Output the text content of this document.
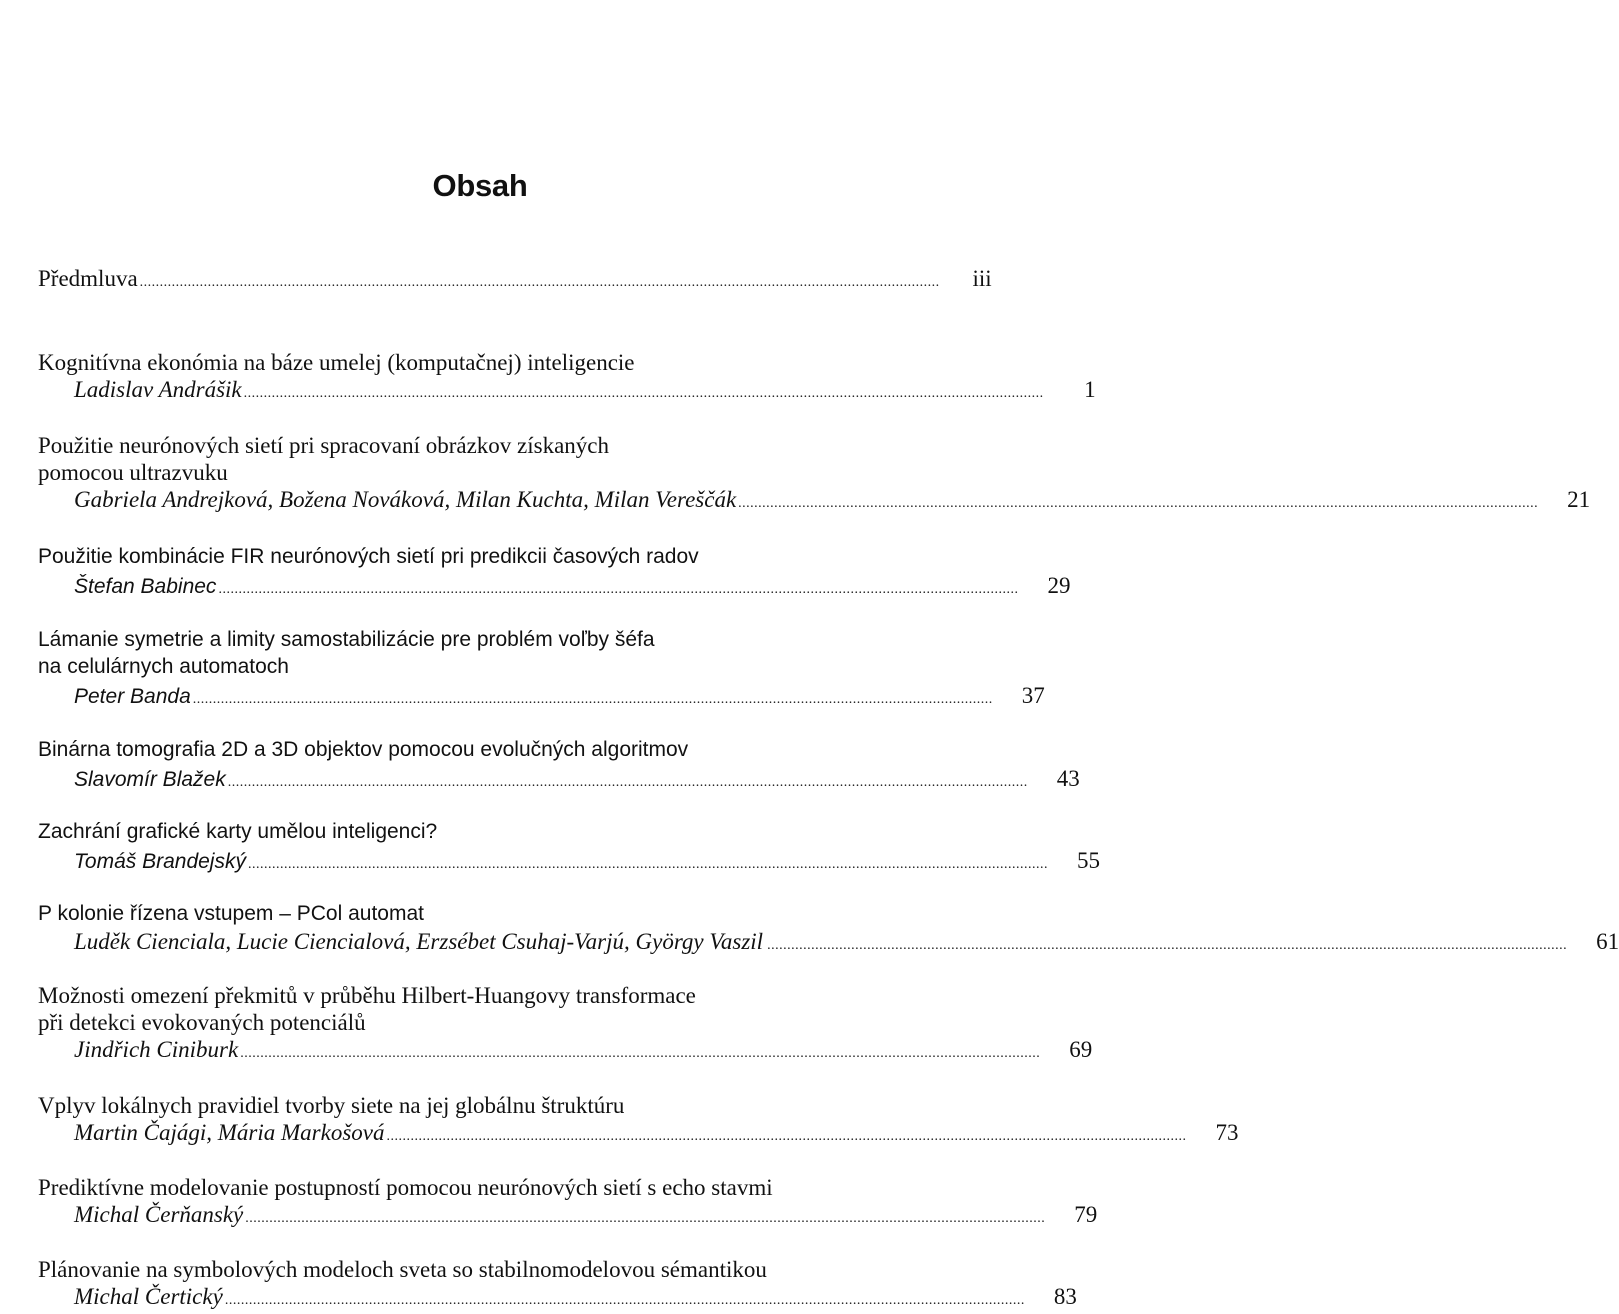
Obsah
Předmluva ........................................................................................................................................................................................................	iii
Kognitívna ekonómia na báze umelej (komputačnej) inteligencie
Ladislav Andrášik ........................................................................................................................................................................................................	1
Použitie neurónových sietí pri spracovaní obrázkov získaných
pomocou ultrazvuku
Gabriela Andrejková, Božena Nováková, Milan Kuchta, Milan Vereščák ........................................................................................................................................................................................................	21
Použitie kombinácie FIR neurónových sietí pri predikcii časových radov
Štefan Babinec ........................................................................................................................................................................................................	29
Lámanie symetrie a limity samostabilizácie pre problém voľby šéfa
na celulárnych automatoch
Peter Banda ........................................................................................................................................................................................................	37
Binárna tomografia 2D a 3D objektov pomocou evolučných algoritmov
Slavomír Blažek ........................................................................................................................................................................................................	43
Zachrání grafické karty umělou inteligenci?
Tomáš Brandejský ........................................................................................................................................................................................................	55
P kolonie řízena vstupem – PCol automat
Luděk Cienciala, Lucie Ciencialová, Erzsébet Csuhaj-Varjú, György Vaszil ........................................................................................................................................................................................................	61
Možnosti omezení překmitů v průběhu Hilbert-Huangovy transformace
při detekci evokovaných potenciálů
Jindřich Ciniburk ........................................................................................................................................................................................................	69
Vplyv lokálnych pravidiel tvorby siete na jej globálnu štruktúru
Martin Čajági, Mária Markošová ........................................................................................................................................................................................................	73
Prediktívne modelovanie postupností pomocou neurónových sietí s echo stavmi
Michal Čerňanský ........................................................................................................................................................................................................	79
Plánovanie na symbolových modeloch sveta so stabilnomodelovou sémantikou
Michal Čertický ........................................................................................................................................................................................................	83
